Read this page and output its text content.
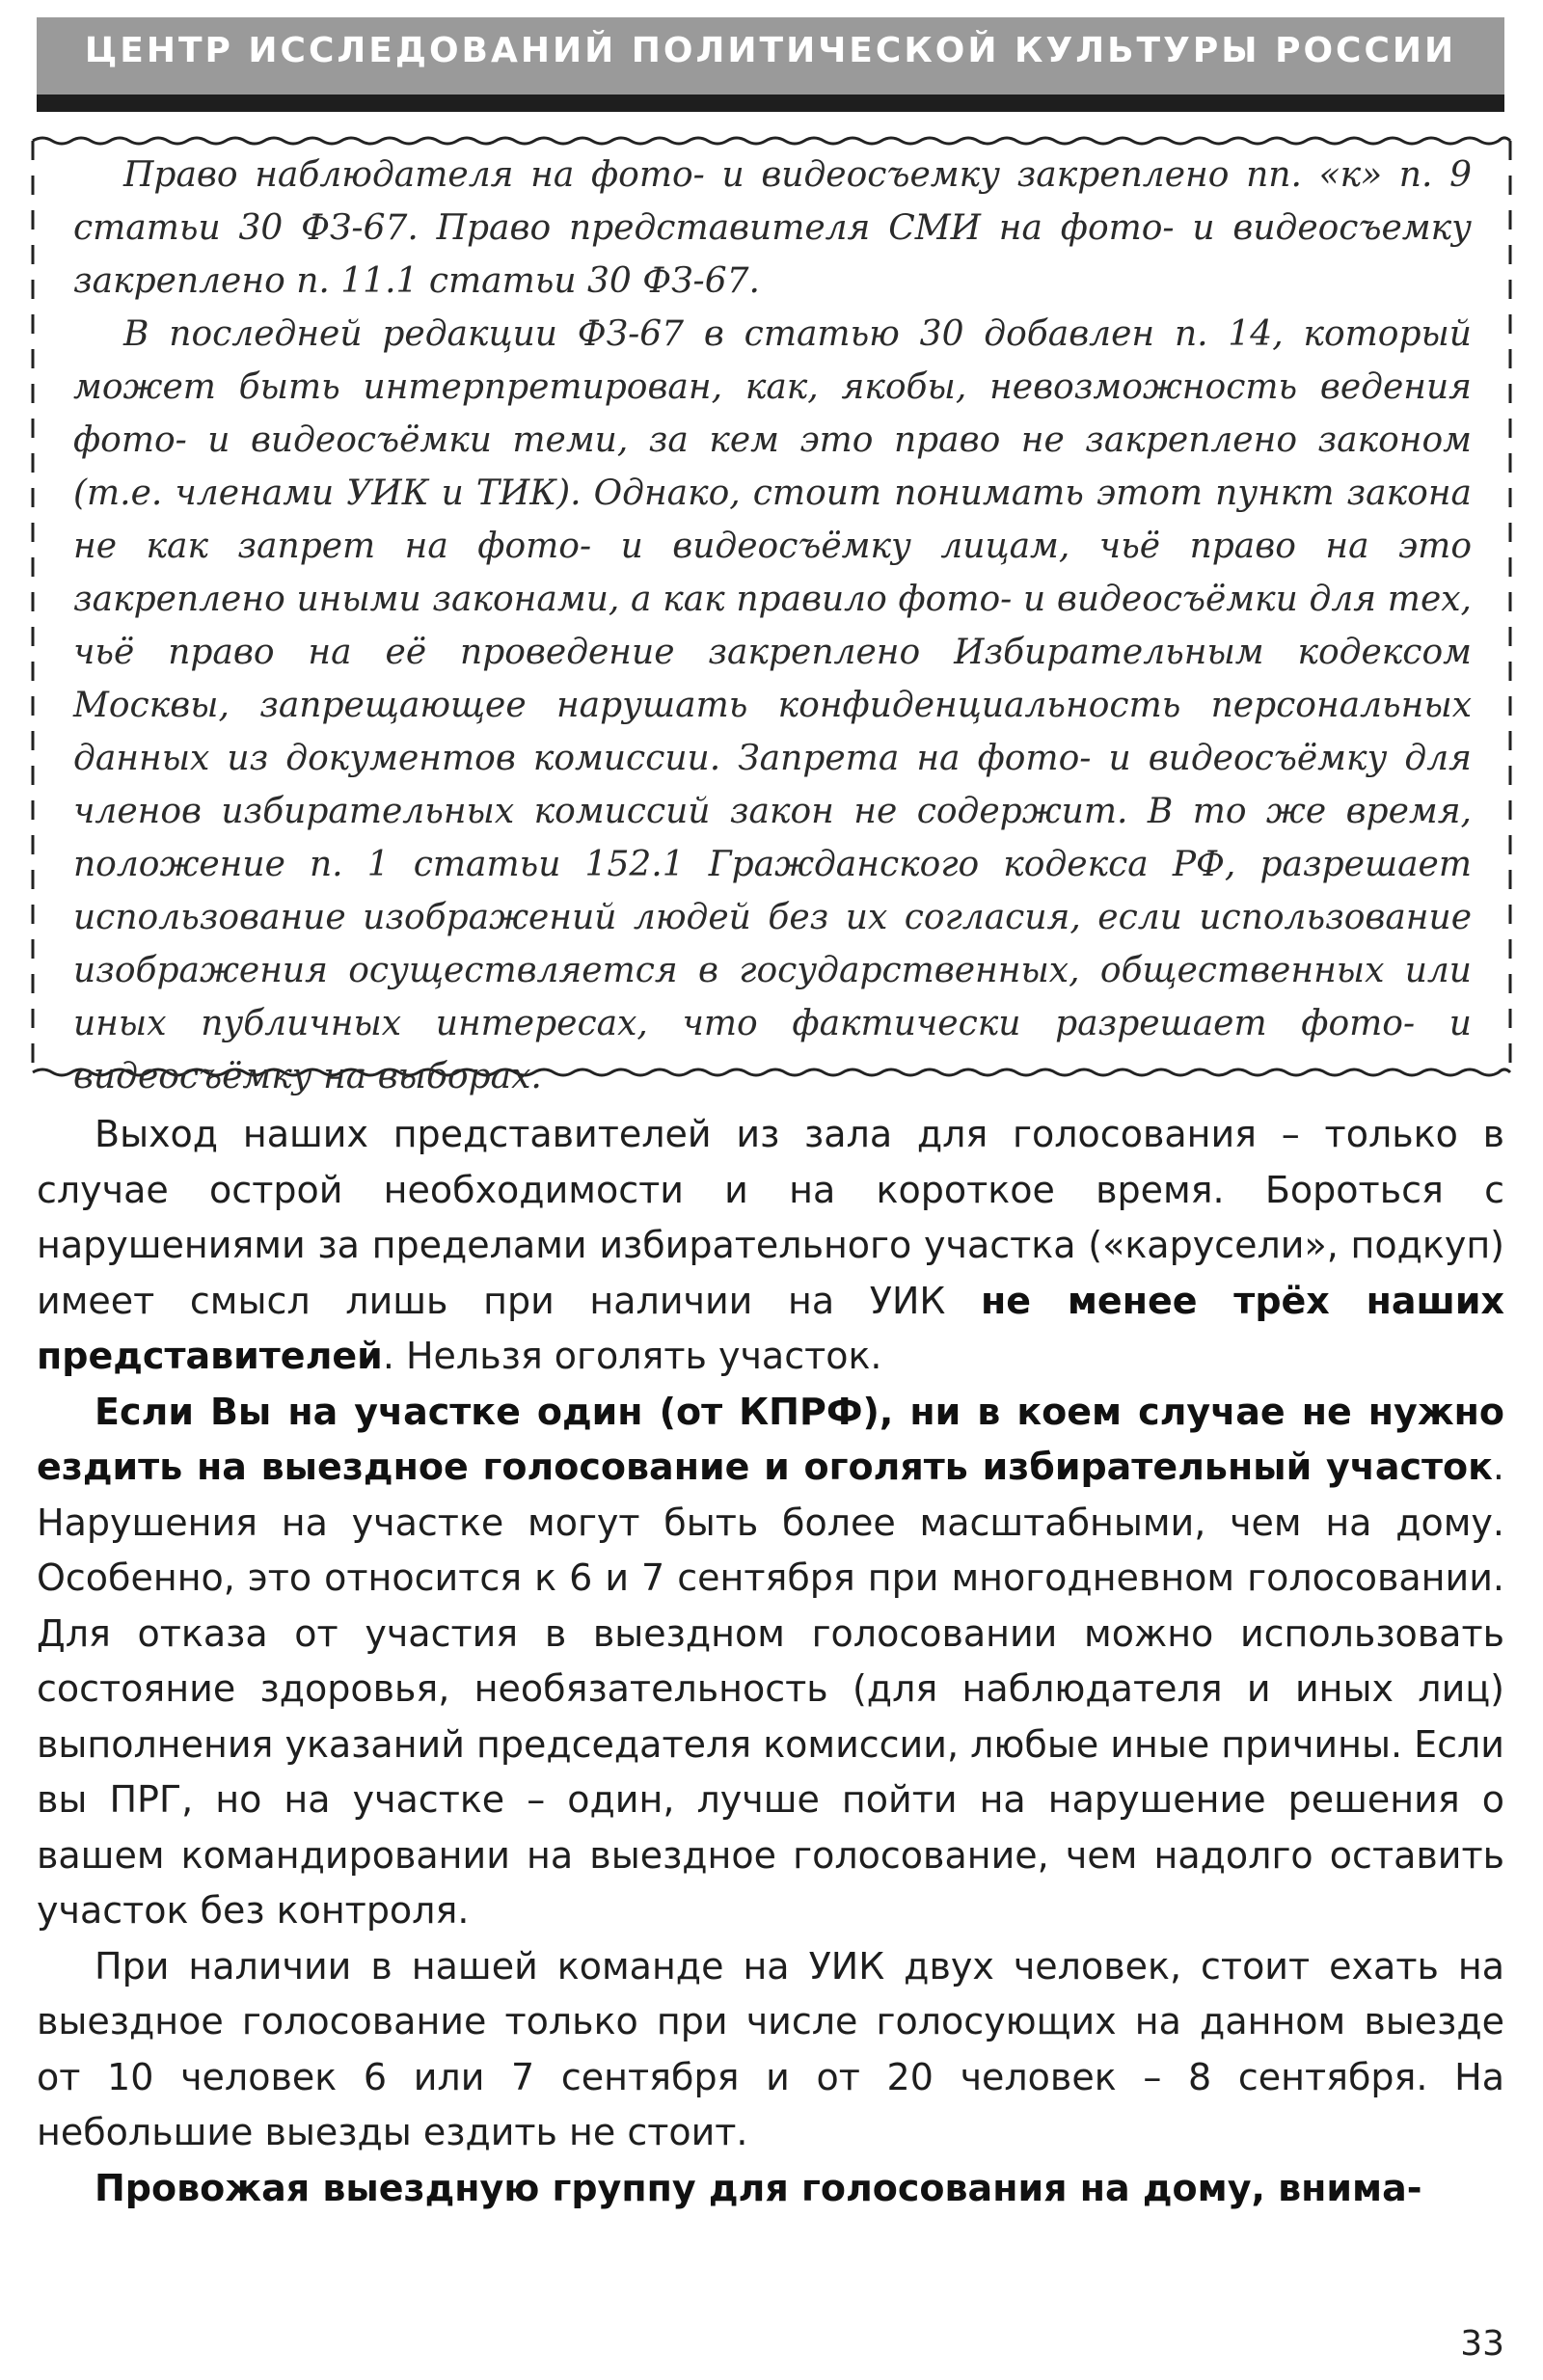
ЦЕНТР ИССЛЕДОВАНИЙ ПОЛИТИЧЕСКОЙ КУЛЬТУРЫ РОССИИ

Право наблюдателя на фото- и видеосъемку закреплено пп. «к» п. 9 статьи 30 ФЗ-67. Право представителя СМИ на фото- и видеосъемку закреплено п. 11.1 статьи 30 ФЗ-67.

В последней редакции ФЗ-67 в статью 30 добавлен п. 14, который может быть интерпретирован, как, якобы, невозможность ведения фото- и видеосъёмки теми, за кем это право не закреплено законом (т.е. членами УИК и ТИК). Однако, стоит понимать этот пункт закона не как запрет на фото- и видеосъёмку лицам, чьё право на это закреплено иными законами, а как правило фото- и видеосъёмки для тех, чьё право на её проведение закреплено Избирательным кодексом Москвы, запрещающее нарушать конфиденциальность персональных данных из документов комиссии. Запрета на фото- и видеосъёмку для членов избирательных комиссий закон не содержит. В то же время, положение п. 1 статьи 152.1 Гражданского кодекса РФ, разрешает использование изображений людей без их согласия, если использование изображения осуществляется в государственных, общественных или иных публичных интересах, что фактически разрешает фото- и видеосъёмку на выборах.

Выход наших представителей из зала для голосования – только в случае острой необходимости и на короткое время. Бороться с нарушениями за пределами избирательного участка («карусели», подкуп) имеет смысл лишь при наличии на УИК не менее трёх наших представителей. Нельзя оголять участок.

Если Вы на участке один (от КПРФ), ни в коем случае не нужно ездить на выездное голосование и оголять избирательный участок. Нарушения на участке могут быть более масштабными, чем на дому. Особенно, это относится к 6 и 7 сентября при многодневном голосовании. Для отказа от участия в выездном голосовании можно использовать состояние здоровья, необязательность (для наблюдателя и иных лиц) выполнения указаний председателя комиссии, любые иные причины. Если вы ПРГ, но на участке – один, лучше пойти на нарушение решения о вашем командировании на выездное голосование, чем надолго оставить участок без контроля.

При наличии в нашей команде на УИК двух человек, стоит ехать на выездное голосование только при числе голосующих на данном выезде от 10 человек 6 или 7 сентября и от 20 человек – 8 сентября. На небольшие выезды ездить не стоит.

Провожая выездную группу для голосования на дому, внима-

33
